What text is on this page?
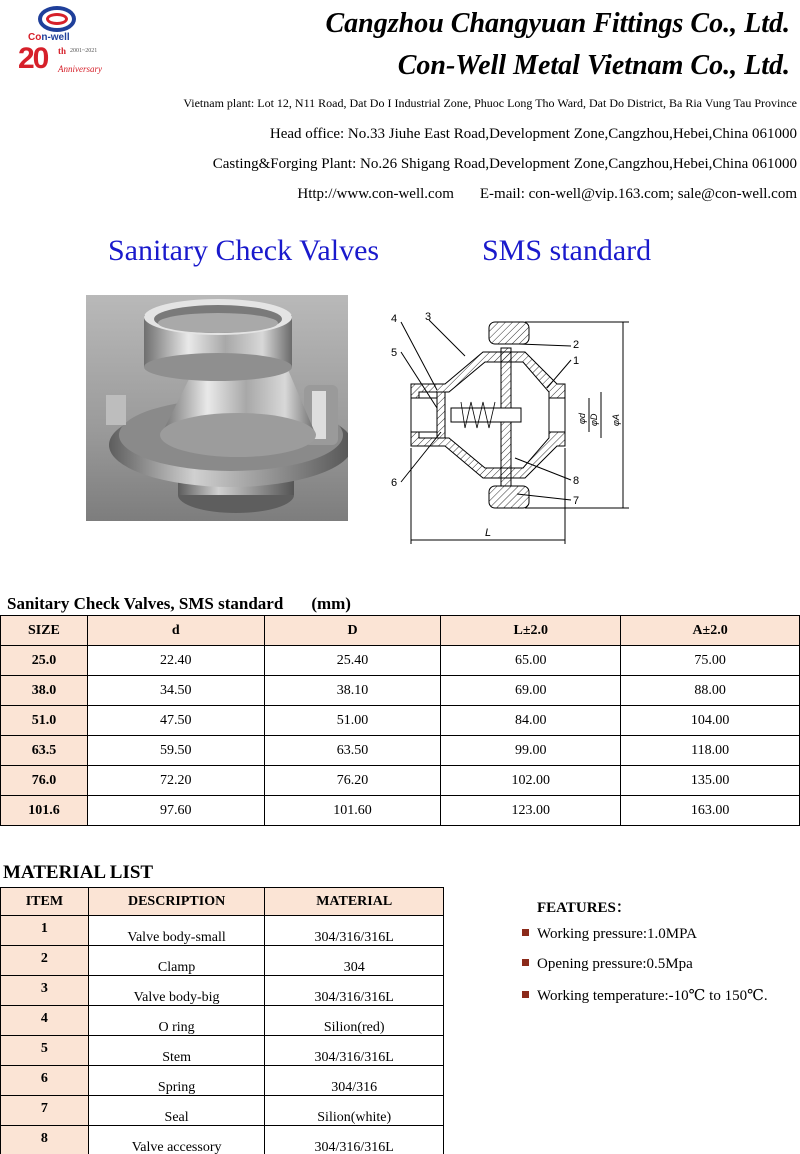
Con-well
20 th 2001~2021
Anniversary
Cangzhou Changyuan Fittings Co., Ltd.
Con-Well Metal Vietnam Co., Ltd.
Vietnam plant: Lot 12, N11 Road, Dat Do I Industrial Zone, Phuoc Long Tho Ward, Dat Do District, Ba Ria Vung Tau Province
Head office: No.33 Jiuhe East Road,Development Zone,Cangzhou,Hebei,China 061000
Casting&Forging Plant: No.26 Shigang Road,Development Zone,Cangzhou,Hebei,China 061000
Http://www.con-well.com E-mail: con-well@vip.163.com; sale@con-well.com
Sanitary Check Valves	SMS standard
4	3
5
6
2
1
8
7
L
φd φD φA
Sanitary Check Valves, SMS standard (mm)
SIZE	d	D	L±2.0	A±2.0
25.0	22.40	25.40	65.00	75.00
38.0	34.50	38.10	69.00	88.00
51.0	47.50	51.00	84.00	104.00
63.5	59.50	63.50	99.00	118.00
76.0	72.20	76.20	102.00	135.00
101.6	97.60	101.60	123.00	163.00
MATERIAL LIST
ITEM	DESCRIPTION	MATERIAL
1	Valve body-small	304/316/316L
2	Clamp	304
3	Valve body-big	304/316/316L
4	O ring	Silion(red)
5	Stem	304/316/316L
6	Spring	304/316
7	Seal	Silion(white)
8	Valve accessory	304/316/316L
FEATURES：
Working pressure:1.0MPA
Opening pressure:0.5Mpa
Working temperature:-10℃ to 150℃.
